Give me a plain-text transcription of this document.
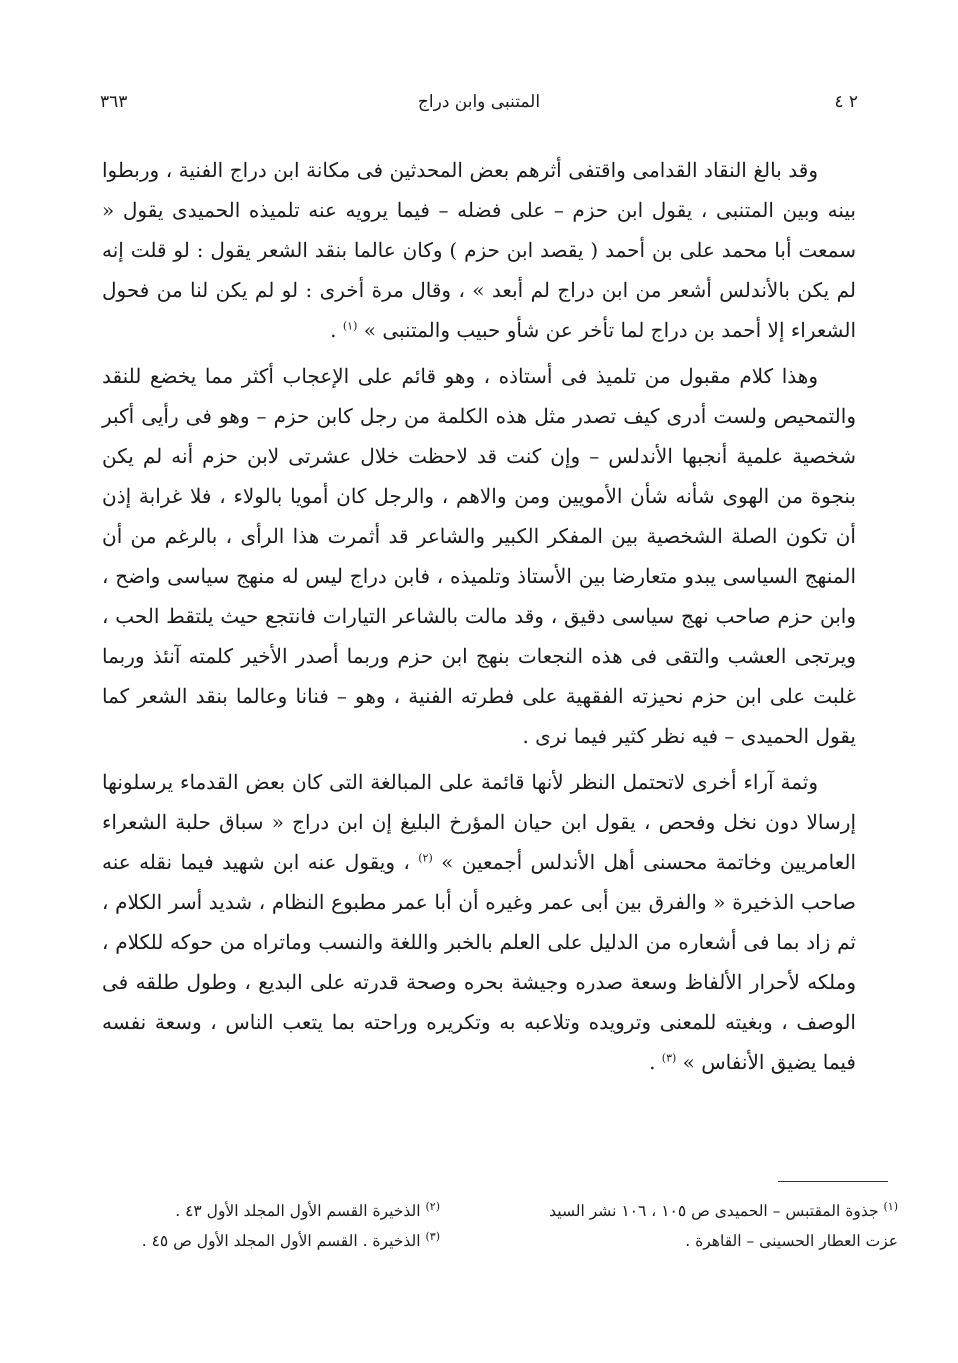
٢ ٤
المتنبى وابن دراج
٣٦٣

وقد بالغ النقاد القدامى واقتفى أثرهم بعض المحدثين فى مكانة ابن دراج الفنية ، وربطوا بينه وبين المتنبى ، يقول ابن حزم – على فضله – فيما يرويه عنه تلميذه الحميدى يقول « سمعت أبا محمد على بن أحمد ( يقصد ابن حزم ) وكان عالما بنقد الشعر يقول : لو قلت إنه لم يكن بالأندلس أشعر من ابن دراج لم أبعد » ، وقال مرة أخرى : لو لم يكن لنا من فحول الشعراء إلا أحمد بن دراج لما تأخر عن شأو حبيب والمتنبى » $^{(١)}$ .

وهذا كلام مقبول من تلميذ فى أستاذه ، وهو قائم على الإعجاب أكثر مما يخضع للنقد والتمحيص ولست أدرى كيف تصدر مثل هذه الكلمة من رجل كابن حزم – وهو فى رأيى أكبر شخصية علمية أنجبها الأندلس – وإن كنت قد لاحظت خلال عشرتى لابن حزم أنه لم يكن بنجوة من الهوى شأنه شأن الأمويين ومن والاهم ، والرجل كان أمويا بالولاء ، فلا غرابة إذن أن تكون الصلة الشخصية بين المفكر الكبير والشاعر قد أثمرت هذا الرأى ، بالرغم من أن المنهج السياسى يبدو متعارضا بين الأستاذ وتلميذه ، فابن دراج ليس له منهج سياسى واضح ، وابن حزم صاحب نهج سياسى دقيق ، وقد مالت بالشاعر التيارات فانتجع حيث يلتقط الحب ، ويرتجى العشب والتقى فى هذه النجعات بنهج ابن حزم وربما أصدر الأخير كلمته آنئذ وربما غلبت على ابن حزم نحيزته الفقهية على فطرته الفنية ، وهو – فنانا وعالما بنقد الشعر كما يقول الحميدى – فيه نظر كثير فيما نرى .

وثمة آراء أخرى لاتحتمل النظر لأنها قائمة على المبالغة التى كان بعض القدماء يرسلونها إرسالا دون نخل وفحص ، يقول ابن حيان المؤرخ البليغ إن ابن دراج « سباق حلبة الشعراء العامريين وخاتمة محسنى أهل الأندلس أجمعين » $^{(٢)}$ ، ويقول عنه ابن شهيد فيما نقله عنه صاحب الذخيرة « والفرق بين أبى عمر وغيره أن أبا عمر مطبوع النظام ، شديد أسر الكلام ، ثم زاد بما فى أشعاره من الدليل على العلم بالخبر واللغة والنسب وماتراه من حوكه للكلام ، وملكه لأحرار الألفاظ وسعة صدره وجيشة بحره وصحة قدرته على البديع ، وطول طلقه فى الوصف ، وبغيته للمعنى وترويده وتلاعبه به وتكريره وراحته بما يتعب الناس ، وسعة نفسه فيما يضيق الأنفاس » $^{(٣)}$ .

$^{(١)}$ جذوة المقتبس – الحميدى ص ١٠٥ ، ١٠٦ نشر السيد
عزت العطار الحسينى – القاهرة .
$^{(٢)}$ الذخيرة القسم الأول المجلد الأول ٤٣ .
$^{(٣)}$ الذخيرة . القسم الأول المجلد الأول ص ٤٥ .
